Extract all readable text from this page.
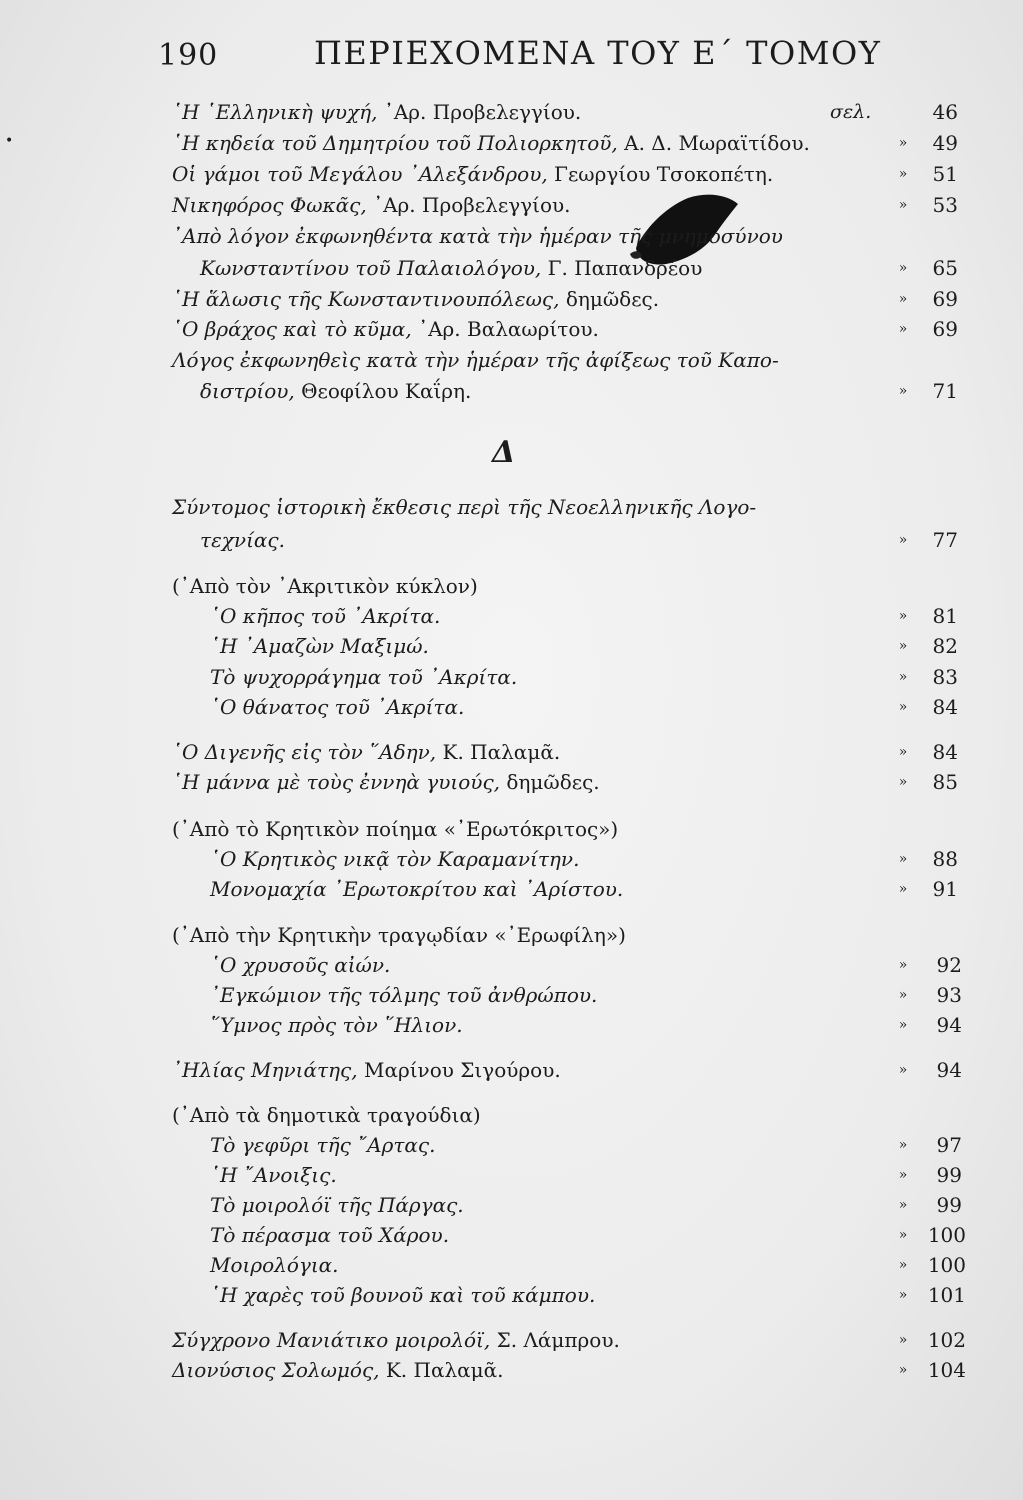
190	ΠΕΡΙΕΧΟΜΕΝΑ ΤΟΥ Ε΄ ΤΟΜΟΥ
•
Δ
῾Η ῾Ελληνικὴ ψυχή, ᾿Αρ. Προβελεγγίου.	σελ.	46
῾Η κηδεία τοῦ Δημητρίου τοῦ Πολιορκητοῦ, Α. Δ. Μωραϊτίδου.	»	49
Οἱ γάμοι τοῦ Μεγάλου ᾿Αλεξάνδρου, Γεωργίου Τσοκοπέτη.	»	51
Νικηφόρος Φωκᾶς, ᾿Αρ. Προβελεγγίου.	»	53
᾿Απὸ λόγον ἐκφωνηθέντα κατὰ τὴν ἡμέραν τῆς μνημοσύνου
Κωνσταντίνου τοῦ Παλαιολόγου, Γ. Παπανδρέου	»	65
῾Η ἅλωσις τῆς Κωνσταντινουπόλεως, δημῶδες.	»	69
῾Ο βράχος καὶ τὸ κῦμα, ᾿Αρ. Βαλαωρίτου.	»	69
Λόγος ἐκφωνηθεὶς κατὰ τὴν ἡμέραν τῆς ἀφίξεως τοῦ Καπο-
διστρίου, Θεοφίλου Καΐρη.	»	71
Σύντομος ἱστορικὴ ἔκθεσις περὶ τῆς Νεοελληνικῆς Λογο-
τεχνίας.	»	77
(᾿Απὸ τὸν ᾿Ακριτικὸν κύκλον)
῾Ο κῆπος τοῦ ᾿Ακρίτα.	»	81
῾Η ᾿Αμαζὼν Μαξιμώ.	»	82
Τὸ ψυχορράγημα τοῦ ᾿Ακρίτα.	»	83
῾Ο θάνατος τοῦ ᾿Ακρίτα.	»	84
῾Ο Διγενῆς εἰς τὸν ῞Αδην, Κ. Παλαμᾶ.	»	84
῾Η μάννα μὲ τοὺς ἐννηὰ γυιούς, δημῶδες.	»	85
(᾿Απὸ τὸ Κρητικὸν ποίημα «᾿Ερωτόκριτος»)
῾Ο Κρητικὸς νικᾷ τὸν Καραμανίτην.	»	88
Μονομαχία ᾿Ερωτοκρίτου καὶ ᾿Αρίστου.	»	91
(᾿Απὸ τὴν Κρητικὴν τραγῳδίαν «᾿Ερωφίλη»)
῾Ο χρυσοῦς αἰών.	»	92
᾿Εγκώμιον τῆς τόλμης τοῦ ἀνθρώπου.	»	93
῞Υμνος πρὸς τὸν ῞Ηλιον.	»	94
᾿Ηλίας Μηνιάτης, Μαρίνου Σιγούρου.	»	94
(᾿Απὸ τὰ δημοτικὰ τραγούδια)
Τὸ γεφῦρι τῆς ῎Αρτας.	»	97
῾Η ῎Ανοιξις.	»	99
Τὸ μοιρολόϊ τῆς Πάργας.	»	99
Τὸ πέρασμα τοῦ Χάρου.	»	100
Μοιρολόγια.	»	100
῾Η χαρὲς τοῦ βουνοῦ καὶ τοῦ κάμπου.	»	101
Σύγχρονο Μανιάτικο μοιρολόϊ, Σ. Λάμπρου.	»	102
Διονύσιος Σολωμός, Κ. Παλαμᾶ.	»	104
